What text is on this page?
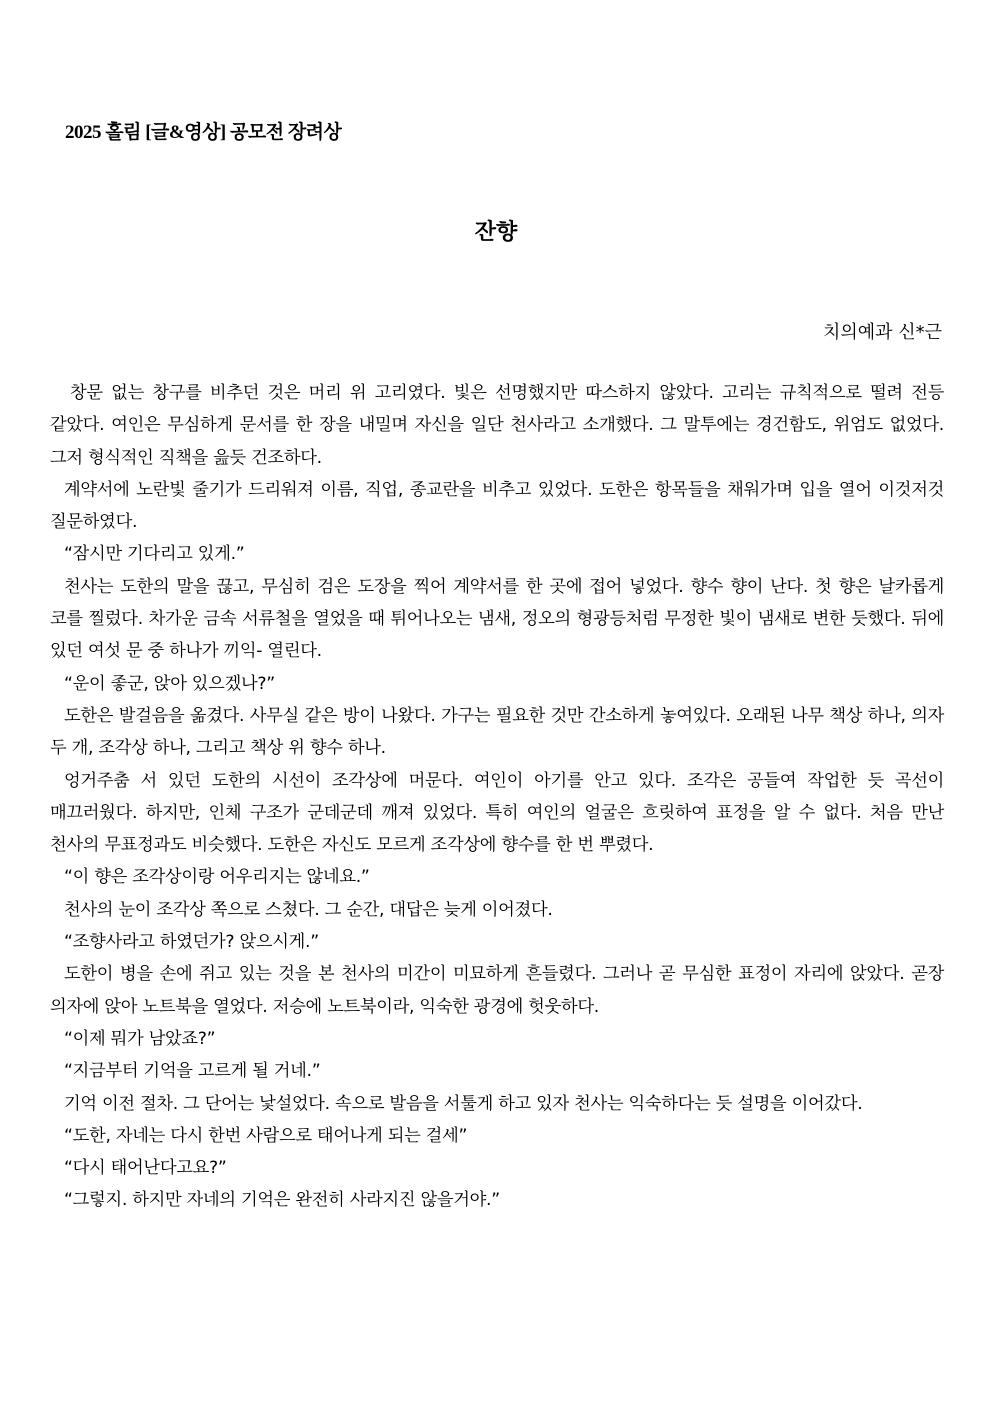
2025 홀림 [글&영상] 공모전 장려상
잔향
치의예과 신*근

창문 없는 창구를 비추던 것은 머리 위 고리였다. 빛은 선명했지만 따스하지 않았다. 고리는 규칙적으로 떨려 전등 같았다. 여인은 무심하게 문서를 한 장을 내밀며 자신을 일단 천사라고 소개했다. 그 말투에는 경건함도, 위엄도 없었다. 그저 형식적인 직책을 읊듯 건조하다.

계약서에 노란빛 줄기가 드리워져 이름, 직업, 종교란을 비추고 있었다. 도한은 항목들을 채워가며 입을 열어 이것저것 질문하였다.

“잠시만 기다리고 있게.”

천사는 도한의 말을 끊고, 무심히 검은 도장을 찍어 계약서를 한 곳에 접어 넣었다. 향수 향이 난다. 첫 향은 날카롭게 코를 찔렀다. 차가운 금속 서류철을 열었을 때 튀어나오는 냄새, 정오의 형광등처럼 무정한 빛이 냄새로 변한 듯했다. 뒤에 있던 여섯 문 중 하나가 끼익- 열린다.

“운이 좋군, 앉아 있으겠나?”

도한은 발걸음을 옮겼다. 사무실 같은 방이 나왔다. 가구는 필요한 것만 간소하게 놓여있다. 오래된 나무 책상 하나, 의자 두 개, 조각상 하나, 그리고 책상 위 향수 하나.

엉거주춤 서 있던 도한의 시선이 조각상에 머문다. 여인이 아기를 안고 있다. 조각은 공들여 작업한 듯 곡선이 매끄러웠다. 하지만, 인체 구조가 군데군데 깨져 있었다. 특히 여인의 얼굴은 흐릿하여 표정을 알 수 없다. 처음 만난 천사의 무표정과도 비슷했다. 도한은 자신도 모르게 조각상에 향수를 한 번 뿌렸다.

“이 향은 조각상이랑 어우리지는 않네요.”

천사의 눈이 조각상 쪽으로 스쳤다. 그 순간, 대답은 늦게 이어졌다.

“조향사라고 하였던가? 앉으시게.”

도한이 병을 손에 쥐고 있는 것을 본 천사의 미간이 미묘하게 흔들렸다. 그러나 곧 무심한 표정이 자리에 앉았다. 곧장 의자에 앉아 노트북을 열었다. 저승에 노트북이라, 익숙한 광경에 헛웃하다.

“이제 뭐가 남았죠?”

“지금부터 기억을 고르게 될 거네.”

기억 이전 절차. 그 단어는 낯설었다. 속으로 발음을 서툴게 하고 있자 천사는 익숙하다는 듯 설명을 이어갔다.

“도한, 자네는 다시 한번 사람으로 태어나게 되는 걸세”

“다시 태어난다고요?”

“그렇지. 하지만 자네의 기억은 완전히 사라지진 않을거야.”
